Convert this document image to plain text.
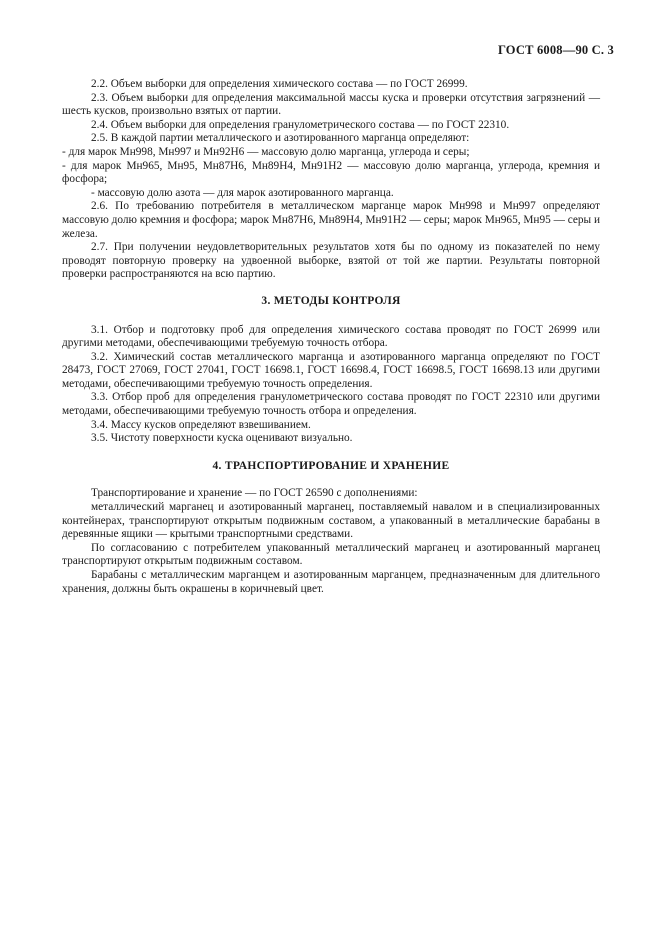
ГОСТ 6008—90 С. 3

2.2. Объем выборки для определения химического состава — по ГОСТ 26999.

2.3. Объем выборки для определения максимальной массы куска и проверки отсутствия загрязнений — шесть кусков, произвольно взятых от партии.

2.4. Объем выборки для определения гранулометрического состава — по ГОСТ 22310.

2.5. В каждой партии металлического и азотированного марганца определяют:

- для марок Мн998, Мн997 и Мн92Н6 — массовую долю марганца, углерода и серы;

- для марок Мн965, Мн95, Мн87Н6, Мн89Н4, Мн91Н2 — массовую долю марганца, углерода, кремния и фосфора;

- массовую долю азота — для марок азотированного марганца.

2.6. По требованию потребителя в металлическом марганце марок Мн998 и Мн997 определяют массовую долю кремния и фосфора; марок Мн87Н6, Мн89Н4, Мн91Н2 — серы; марок Мн965, Мн95 — серы и железа.

2.7. При получении неудовлетворительных результатов хотя бы по одному из показателей по нему проводят повторную проверку на удвоенной выборке, взятой от той же партии. Результаты повторной проверки распространяются на всю партию.

3. МЕТОДЫ КОНТРОЛЯ

3.1. Отбор и подготовку проб для определения химического состава проводят по ГОСТ 26999 или другими методами, обеспечивающими требуемую точность отбора.

3.2. Химический состав металлического марганца и азотированного марганца определяют по ГОСТ 28473, ГОСТ 27069, ГОСТ 27041, ГОСТ 16698.1, ГОСТ 16698.4, ГОСТ 16698.5, ГОСТ 16698.13 или другими методами, обеспечивающими требуемую точность определения.

3.3. Отбор проб для определения гранулометрического состава проводят по ГОСТ 22310 или другими методами, обеспечивающими требуемую точность отбора и определения.

3.4. Массу кусков определяют взвешиванием.

3.5. Чистоту поверхности куска оценивают визуально.

4. ТРАНСПОРТИРОВАНИЕ И ХРАНЕНИЕ

Транспортирование и хранение — по ГОСТ 26590 с дополнениями:

металлический марганец и азотированный марганец, поставляемый навалом и в специализированных контейнерах, транспортируют открытым подвижным составом, а упакованный в металлические барабаны в деревянные ящики — крытыми транспортными средствами.

По согласованию с потребителем упакованный металлический марганец и азотированный марганец транспортируют открытым подвижным составом.

Барабаны с металлическим марганцем и азотированным марганцем, предназначенным для длительного хранения, должны быть окрашены в коричневый цвет.
